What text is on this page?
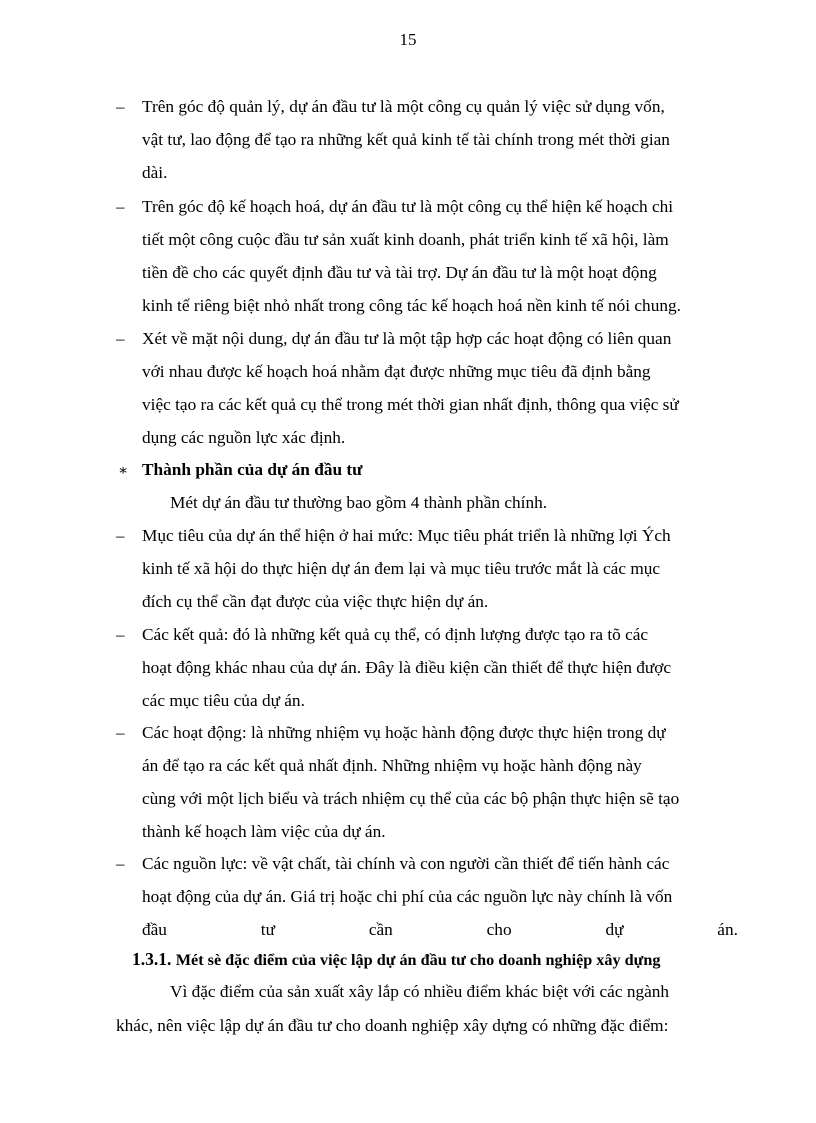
15
– Trên góc độ quản lý, dự án đầu tư là một công cụ quản lý việc sử dụng vốn,
vật tư, lao động để tạo ra những kết quả kinh tế tài chính trong mét thời gian
dài.
– Trên góc độ kế hoạch hoá, dự án đầu tư là một công cụ thể hiện kế hoạch chi
tiết một công cuộc đầu tư sản xuất kinh doanh, phát triển kinh tế xã hội, làm
tiền đề cho các quyết định đầu tư và tài trợ. Dự án đầu tư là một hoạt động
kinh tế riêng biệt nhỏ nhất trong công tác kế hoạch hoá nền kinh tế nói chung.
– Xét về mặt nội dung, dự án đầu tư là một tập hợp các hoạt động có liên quan
với nhau được kế hoạch hoá nhằm đạt được những mục tiêu đã định bằng
việc tạo ra các kết quả cụ thể trong mét thời gian nhất định, thông qua việc sử
dụng các nguồn lực xác định.
∗ Thành phần của dự án đầu tư
Mét dự án đầu tư thường bao gồm 4 thành phần chính.
– Mục tiêu của dự án thể hiện ở hai mức: Mục tiêu phát triển là những lợi Ých
kinh tế xã hội do thực hiện dự án đem lại và mục tiêu trước mắt là các mục
đích cụ thể cần đạt được của việc thực hiện dự án.
– Các kết quả: đó là những kết quả cụ thể, có định lượng được tạo ra tõ các
hoạt động khác nhau của dự án. Đây là điều kiện cần thiết để thực hiện được
các mục tiêu của dự án.
– Các hoạt động: là những nhiệm vụ hoặc hành động được thực hiện trong dự
án để tạo ra các kết quả nhất định. Những nhiệm vụ hoặc hành động này
cùng với một lịch biểu và trách nhiệm cụ thể của các bộ phận thực hiện sẽ tạo
thành kế hoạch làm việc của dự án.
– Các nguồn lực: về vật chất, tài chính và con người cần thiết để tiến hành các
hoạt động của dự án. Giá trị hoặc chi phí của các nguồn lực này chính là vốn
đầu	tư	cần	cho	dự	án.
1.3.1. Mét sè đặc điểm của việc lập dự án đầu tư cho doanh nghiệp xây dựng
Vì đặc điểm của sản xuất xây lắp có nhiều điểm khác biệt với các ngành
khác, nên việc lập dự án đầu tư cho doanh nghiệp xây dựng có những đặc điểm:
